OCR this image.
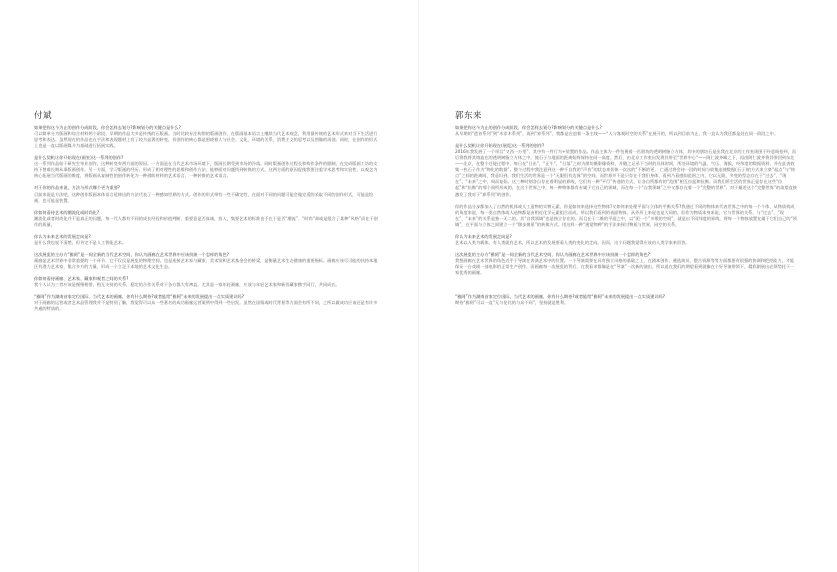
付斌

如果把你这今为止的创作分成阶段，你会怎样去划分?影响划分的关键点是什么?

可以简单分为版画和综合材料两个阶段。早期的作品大多是传统的石版画。当时比较专注构图的版画创作，在版画基本语言上继续当代艺术观念，利用最传统的艺术形式来对当下生活进行思考和表达。虽然现在的作品也在手法和表现题材上有了较为显著的转变，但创作的核心都是围绕着人与社会、文化、环境的关系，消费主义的思考以及图像的再创。同时，在创作的形式上也是一直以版画媒介为基础进行拓展实践。

是什么契机让你开始现在(画室)这一系列的创作?

这一系列作品始于研究生毕业创作，这种转变有两方面的原因。一方面是在当代艺术市场环境下，版画长期受到市场的冷落。同时版画创作过程长和构作条件的限制，在完成版画工坊的支持下曾难长期从事版画创作。另一方面，学习版画的经历，形成了相对理性的思维和创作方法，能够面对问题找到转换的方式。这两方面的原因促使我要注重学术思考和实验性，以观念为核心拓展当代版画的维度，将版画从复制性的创作转化为一种借助材料的艺术语言，一种转换的艺术语言。

对于你的作品来说，方法与形式哪个更为重要?

目前来说是方法吧，这种创作版画本体语言延伸出的方法代表了一种感知世界的方式。创作的形式带有一些不确定性，在面对不同的问题可能会做完适的采取不同的创作形式，可能是绘画，也可能是装置。

你如何看待艺术的潮流化或时尚化?

潮流化或者时尚化并不是真正的问题，每一代人都有不同的成长经验和价值判断，重要意是否真诚，投入，集要艺术的标准也不在于是否“潮流”、“时尚”却或是组合了某种“风格”而在于创作的质量。

你认为未来艺术的发展走向是?

是什么我也说不清楚，但肯定不是人工智能艺术。

这次展览的主办方“雅阿”是一间全新的当代艺术空间，你认为画廊在艺术世界中应该扮演一个怎样的角色?

画廊是艺术世界中非常重要的一个环节，它不仅仅是展览的物理空间，也是连接艺术家与藏家、美术馆和艺术基金会的桥梁，是衡量艺术生态健康的重要指标。画廊应该尽可能的扶持本地区有潜力艺术家，集合多方的力量，形成一个立足于本地的艺术文化生态。

你如何看待画廊、艺术家、藏家和观者之间的关系?

我个人认为三者应该是慢慢相惜，相互支持的关系，稳定的合作关系对于各方都大有裨益。尤其是一家年轻画廊，应该与年轻艺术家和新晋藏家携手同行，共同成长。

“雅阿”作为湖南首家定位国际、当代艺术的画廊，你有什么期待?或者能给“雅阿”未来的发展提出一点实质建议吗?

对于画廊的运营或者艺术品管理我并不是特别了解，我觉得可以从一些著名的成功画廊运营案例中得到一些启发。虽然在国情或时代背景等方面会有所不同，之所以做成功应该还是有许多共通的特质的。

郭东来

如果把你这今为止的创作分成阶段，你会怎样去划分?影响划分的关键点是什么?

从早期的“遗首系列”到“木非木系列”，再到“界系列”，我都是在追着一条主线——“人与客观时空的关系”在展开的，所以到目前为止，我一直认为我还都是处在同一阶段之中。

是什么契机让你开始现在(展览)这一系列的创作?

2016年我发展了一个项目“又西一万里”，其中有一件行为+装置的作品。作品主体为一件包裹着一匹朋坊的透明树脂立方体，其中的朋坊石是出我在北京的工作室周围不经意间拾到，而后将我将其铸造在的透明树脂立方体之中，使石子与地面的距离始终保持在同一高度。然后，由北京工作室出发将其带至“世界中心”——阿仁波齐峰之下，再由阿仁波齐将其带回到东北——北京，在整个迁徙过程中，每日在“日出”，“正午”，“日落”之时为朋坊摄影像资料，并随之记录下当时的具体时间，所处环境的气温、气压、海拔，经纬度的数据资料，并在此表收集一枚石子作为“物化的数据”。整个过程中我注意到这一种千自我的“声音”的状态来切体一次次的“不断的更。 亡通过将会待一段的时间与收集迫使数据(石子)的方式来立豪“起点”与“终点”之间的距离间，我意识到，我们生活的世界是一个“无限恒有边界”的空间，而世界并不是只存在于我们身体，看到乃看感知范围之内，它以无限，多变的型态存在于“过去”、“现在”、“未来”之中，周而复始。这三种时刻各自存在着明显的界线，它们有一种“平行”传递的方式，让各自所都有的“范围”相互拉起和抗衡。而我们所生活的世界正是存在这些“拉起”和“抗衡”的那个间所形成的。在这个世界之中，每一种物体都有专属于它自己的领域，而在每一个“自我领域”之中又都存在着一个“完整的世界”，对于描述这个“完整世界”的欲望直接激发了我对于“界系列”的创作。

你的作品分步都加入了自然的机体或人工造物的实物元素，你是如何来选择这些物体?又如何来处理平面与立体的平衡关系?我通过不同的物体来代表世界之中的每一个个体，从物质构成的角度来说，每一类自然体或人造物都是由相近化学元素组合而成，所以我们看到的表面物体，从外形上来说也是大同的。但作为物质本身来说，它与世界的关系，与“过去”、“现在”、“未来”的关系是独一无二的。其“自我领域”也是独立存在的。而且在于二维的平面之中，以“团一个”多维的空间”，就是出不同纬度的界线，将每一个物体放置在属于它们自己的“领域”，在平面与立体之间建立一个“移步换景”的转换方式。用这样一种“视觉物种”的手法来探讨物质与世界，同空的关系。

你认为未来艺术的发展走向是?

艺术以人类为载体，有人类就有艺术，所以艺术的发展要看人类的变化的走向。因而，这个问题我觉得应该由人类学家来回答。

这次展览的主办方“雅阿”是一间全新的当代艺术空间，你认为画廊在艺术世界中应该扮演一个怎样的角色?

我想画廊在艺术世界的角色近乎于导演在表演艺术中的位置。一个导演需要在具有独立风格的基础之上，在剧本创作、遴选演员、整合资源等等方面都要有很强的协调和把控能力，才能保证一台戏剧一部电影的正常生产创作，而画廊每一次展览的背后，在我看来都像是在“导演”一次新的演出，所以说在我们的期望看到就像在个好导演带领下，精彩剧展出必须势托于一家优秀的画廊。

“雅阿”作为湖南首家定位国际、当代艺术的画廊，你有什么期待?或者能给“雅阿”未来的发展提出一点实质建议吗?

期待“雅阿”可以一直“无与伦比的与众不同”，坚持就是胜利。
